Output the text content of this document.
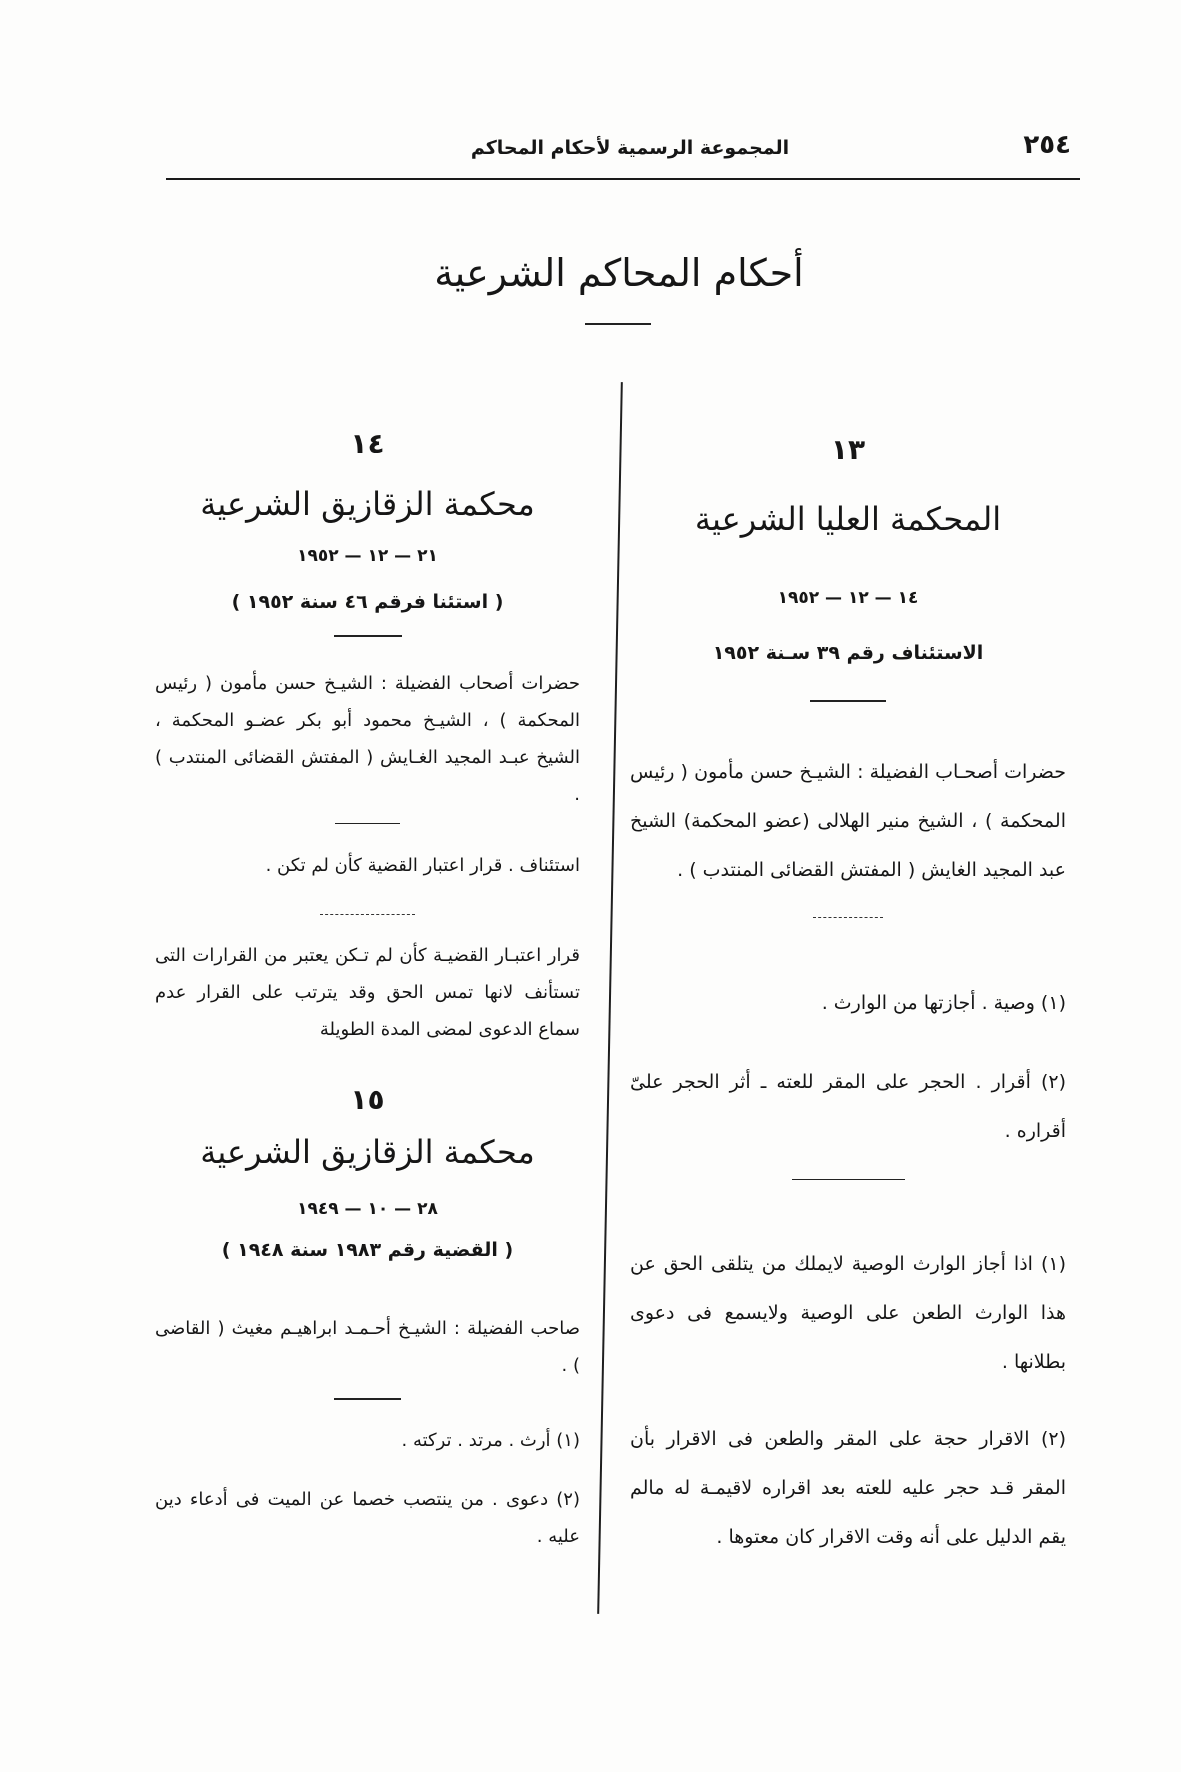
٢٥٤
المجموعة الرسمية لأحكام المحاكم
أحكام المحاكم الشرعية
١٣
المحكمة العليا الشرعية
١٤ — ١٢ — ١٩٥٢
الاستئناف رقم ٣٩ سـنة ١٩٥٢
حضرات أصحـاب الفضيلة : الشيـخ حسن مأمون ( رئيس المحكمة ) ، الشيخ منير الهلالى (عضو المحكمة) الشيخ عبد المجيد الغايش ( المفتش القضائى المنتدب ) .
(١) وصية . أجازتها من الوارث .
(٢) أقرار . الحجر على المقر للعته ـ أثر الحجر علىّ أقراره .
(١) اذا أجاز الوارث الوصية لايملك من يتلقى الحق عن هذا الوارث الطعن على الوصية ولايسمع فى دعوى بطلانها .
(٢) الاقرار حجة على المقر والطعن فى الاقرار بأن المقر قـد حجر عليه للعته بعد اقراره لاقيمـة له مالم يقم الدليل على أنه وقت الاقرار كان معتوها .
١٤
محكمة الزقازيق الشرعية
٢١ — ١٢ — ١٩٥٢
( استئنا فرقم ٤٦ سنة ١٩٥٢ )
حضرات أصحاب الفضيلة : الشيـخ حسن مأمون ( رئيس المحكمة ) ، الشيـخ محمود أبو بكر عضـو المحكمة ، الشيخ عبـد المجيد الغـايش ( المفتش القضائى المنتدب ) .
استئناف . قرار اعتبار القضية كأن لم تكن .
قرار اعتبـار القضيـة كأن لم تـكن يعتبر من القرارات التى تستأنف لانها تمس الحق وقد يترتب على القرار عدم سماع الدعوى لمضى المدة الطويلة
١٥
محكمة الزقازيق الشرعية
٢٨ — ١٠ — ١٩٤٩
( القضية رقم ١٩٨٣ سنة ١٩٤٨ )
صاحب الفضيلة : الشيـخ أحـمـد ابراهيـم مغيث ( القاضى ) .
(١) أرث . مرتد . تركته .
(٢) دعوى . من ينتصب خصما عن الميت فى أدعاء دين عليه .
